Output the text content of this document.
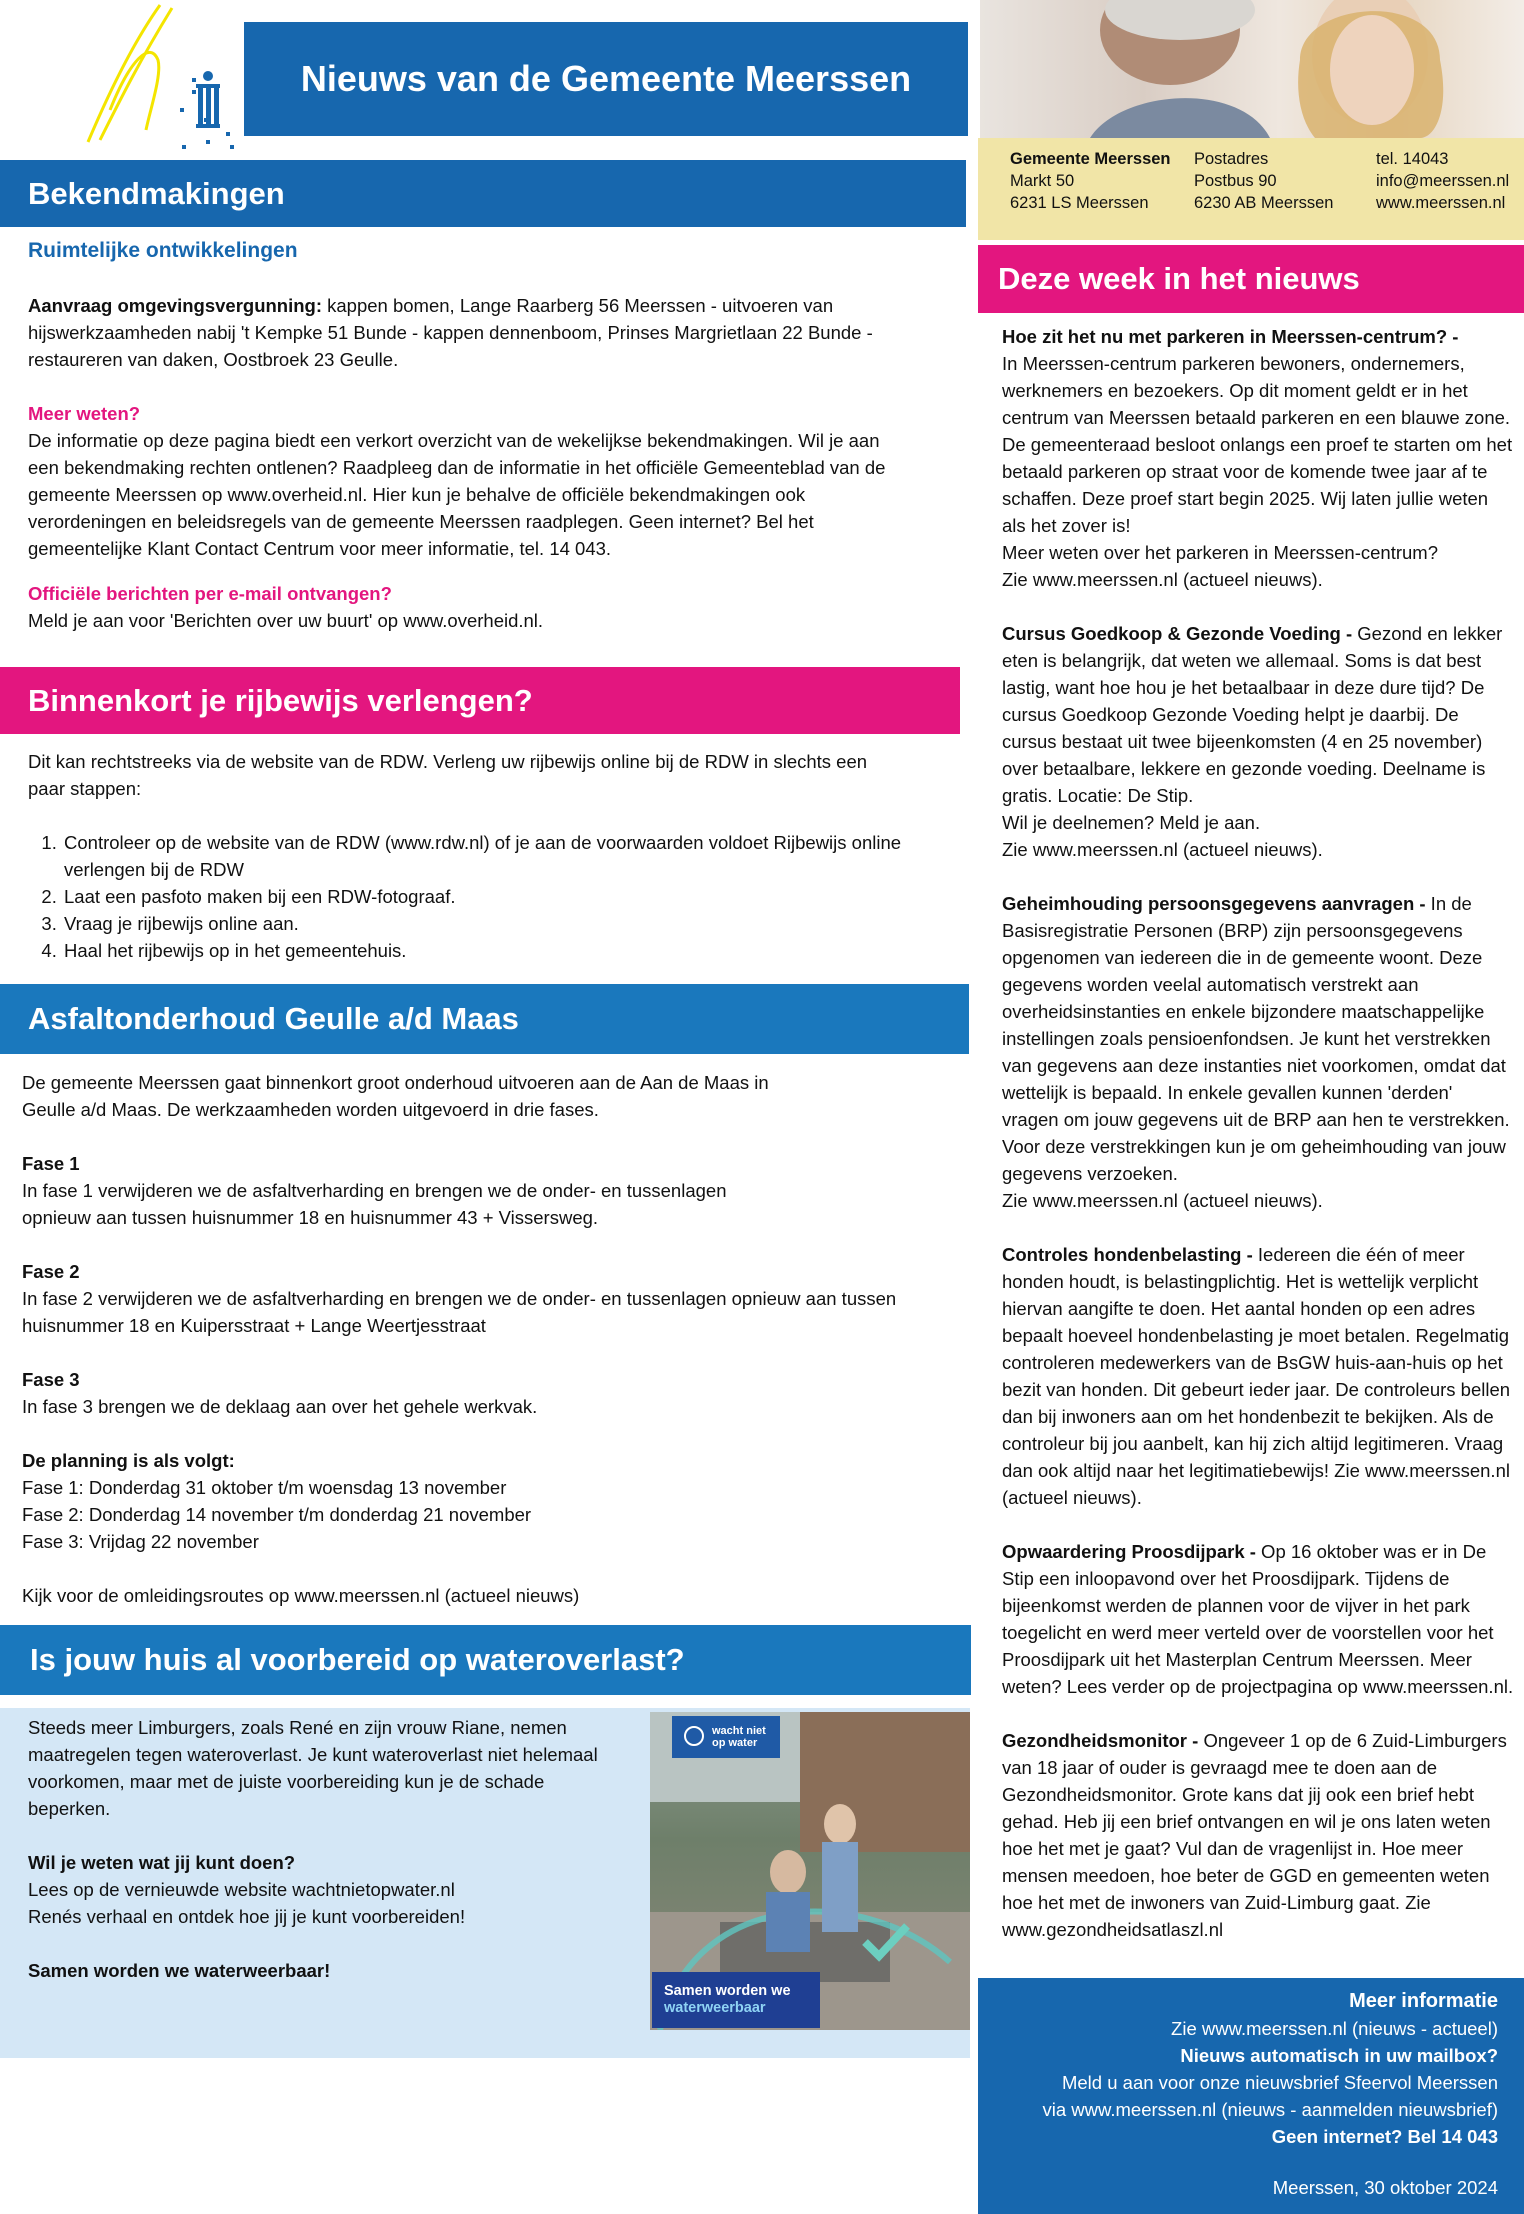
Nieuws van de Gemeente Meerssen
Gemeente Meerssen
Markt 50
6231 LS Meerssen
Postadres
Postbus 90
6230 AB Meerssen
tel. 14043
info@meerssen.nl
www.meerssen.nl
Bekendmakingen

Ruimtelijke ontwikkelingen

Aanvraag omgevingsvergunning: kappen bomen, Lange Raarberg 56 Meerssen - uitvoeren van hijswerkzaamheden nabij 't Kempke 51 Bunde - kappen dennenboom, Prinses Margrietlaan 22 Bunde - restaureren van daken, Oostbroek 23 Geulle.

Meer weten?

De informatie op deze pagina biedt een verkort overzicht van de wekelijkse bekendmakingen. Wil je aan een bekendmaking rechten ontlenen? Raadpleeg dan de informatie in het officiële Gemeenteblad van de gemeente Meerssen op www.overheid.nl. Hier kun je behalve de officiële bekendmakingen ook verordeningen en beleidsregels van de gemeente Meerssen raadplegen. Geen internet? Bel het gemeentelijke Klant Contact Centrum voor meer informatie, tel. 14 043.

Officiële berichten per e-mail ontvangen?

Meld je aan voor 'Berichten over uw buurt' op www.overheid.nl.

Binnenkort je rijbewijs verlengen?

Dit kan rechtstreeks via de website van de RDW. Verleng uw rijbewijs online bij de RDW in slechts een paar stappen:

1. Controleer op de website van de RDW (www.rdw.nl) of je aan de voorwaarden voldoet Rijbewijs online verlengen bij de RDW
2. Laat een pasfoto maken bij een RDW-fotograaf.
3. Vraag je rijbewijs online aan.
4. Haal het rijbewijs op in het gemeentehuis.
Asfaltonderhoud Geulle a/d Maas

De gemeente Meerssen gaat binnenkort groot onderhoud uitvoeren aan de Aan de Maas in

Geulle a/d Maas. De werkzaamheden worden uitgevoerd in drie fases.

Fase 1

In fase 1 verwijderen we de asfaltverharding en brengen we de onder- en tussenlagen

opnieuw aan tussen huisnummer 18 en huisnummer 43 + Vissersweg.

Fase 2

In fase 2 verwijderen we de asfaltverharding en brengen we de onder- en tussenlagen opnieuw aan tussen huisnummer 18 en Kuipersstraat + Lange Weertjesstraat

Fase 3

In fase 3 brengen we de deklaag aan over het gehele werkvak.

De planning is als volgt:

Fase 1: Donderdag 31 oktober t/m woensdag 13 november

Fase 2: Donderdag 14 november t/m donderdag 21 november

Fase 3: Vrijdag 22 november

Kijk voor de omleidingsroutes op www.meerssen.nl (actueel nieuws)

Is jouw huis al voorbereid op wateroverlast?

Steeds meer Limburgers, zoals René en zijn vrouw Riane, nemen maatregelen tegen wateroverlast. Je kunt wateroverlast niet helemaal voorkomen, maar met de juiste voorbereiding kun je de schade beperken.

Wil je weten wat jij kunt doen?

Lees op de vernieuwde website wachtnietopwater.nl

Renés verhaal en ontdek hoe jij je kunt voorbereiden!

Samen worden we waterweerbaar!

wacht niet
op water
Samen worden we
waterweerbaar
Deze week in het nieuws

Hoe zit het nu met parkeren in Meerssen-centrum? -

In Meerssen-centrum parkeren bewoners, ondernemers, werknemers en bezoekers. Op dit moment geldt er in het centrum van Meerssen betaald parkeren en een blauwe zone. De gemeenteraad besloot onlangs een proef te starten om het betaald parkeren op straat voor de komende twee jaar af te schaffen. Deze proef start begin 2025. Wij laten jullie weten als het zover is!

Meer weten over het parkeren in Meerssen-centrum?

Zie www.meerssen.nl (actueel nieuws).

Cursus Goedkoop & Gezonde Voeding - Gezond en lekker eten is belangrijk, dat weten we allemaal. Soms is dat best lastig, want hoe hou je het betaalbaar in deze dure tijd? De cursus Goedkoop Gezonde Voeding helpt je daarbij. De cursus bestaat uit twee bijeenkomsten (4 en 25 november) over betaalbare, lekkere en gezonde voeding. Deelname is gratis. Locatie: De Stip.

Wil je deelnemen? Meld je aan.

Zie www.meerssen.nl (actueel nieuws).

Geheimhouding persoonsgegevens aanvragen - In de Basisregistratie Personen (BRP) zijn persoonsgegevens opgenomen van iedereen die in de gemeente woont. Deze gegevens worden veelal automatisch verstrekt aan overheidsinstanties en enkele bijzondere maatschappelijke instellingen zoals pensioenfondsen. Je kunt het verstrekken van gegevens aan deze instanties niet voorkomen, omdat dat wettelijk is bepaald. In enkele gevallen kunnen 'derden' vragen om jouw gegevens uit de BRP aan hen te verstrekken. Voor deze verstrekkingen kun je om geheimhouding van jouw gegevens verzoeken.

Zie www.meerssen.nl (actueel nieuws).

Controles hondenbelasting - Iedereen die één of meer honden houdt, is belastingplichtig. Het is wettelijk verplicht hiervan aangifte te doen. Het aantal honden op een adres bepaalt hoeveel hondenbelasting je moet betalen. Regelmatig controleren medewerkers van de BsGW huis-aan-huis op het bezit van honden. Dit gebeurt ieder jaar. De controleurs bellen dan bij inwoners aan om het hondenbezit te bekijken. Als de controleur bij jou aanbelt, kan hij zich altijd legitimeren. Vraag dan ook altijd naar het legitimatiebewijs! Zie www.meerssen.nl (actueel nieuws).

Opwaardering Proosdijpark - Op 16 oktober was er in De Stip een inloopavond over het Proosdijpark. Tijdens de bijeenkomst werden de plannen voor de vijver in het park toegelicht en werd meer verteld over de voorstellen voor het Proosdijpark uit het Masterplan Centrum Meerssen. Meer weten? Lees verder op de projectpagina op www.meerssen.nl.

Gezondheidsmonitor - Ongeveer 1 op de 6 Zuid-Limburgers van 18 jaar of ouder is gevraagd mee te doen aan de Gezondheidsmonitor. Grote kans dat jij ook een brief hebt gehad. Heb jij een brief ontvangen en wil je ons laten weten hoe het met je gaat? Vul dan de vragenlijst in. Hoe meer mensen meedoen, hoe beter de GGD en gemeenten weten hoe het met de inwoners van Zuid-Limburg gaat. Zie www.gezondheidsatlaszl.nl

Meer informatie

Zie www.meerssen.nl (nieuws - actueel)

Nieuws automatisch in uw mailbox?

Meld u aan voor onze nieuwsbrief Sfeervol Meerssen

via www.meerssen.nl (nieuws - aanmelden nieuwsbrief)

Geen internet? Bel 14 043

Meerssen, 30 oktober 2024
